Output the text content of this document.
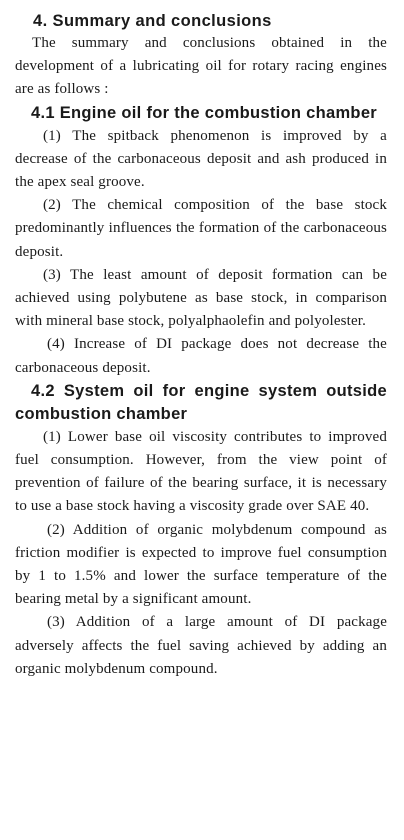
4. Summary and conclusions

The summary and conclusions obtained in the development of a lubricating oil for rotary racing engines are as follows :

4.1 Engine oil for the combustion chamber

(1) The spitback phenomenon is improved by a decrease of the carbonaceous deposit and ash produced in the apex seal groove.

(2) The chemical composition of the base stock predominantly influences the formation of the carbonaceous deposit.

(3) The least amount of deposit formation can be achieved using polybutene as base stock, in comparison with mineral base stock, polyalphaolefin and polyolester.

(4) Increase of DI package does not decrease the carbonaceous deposit.

4.2 System oil for engine system outside combustion chamber

(1) Lower base oil viscosity contributes to improved fuel consumption. However, from the view point of prevention of failure of the bearing surface, it is necessary to use a base stock having a viscosity grade over SAE 40.

(2) Addition of organic molybdenum compound as friction modifier is expected to improve fuel consumption by 1 to 1.5% and lower the surface temperature of the bearing metal by a significant amount.

(3) Addition of a large amount of DI package adversely affects the fuel saving achieved by adding an organic molybdenum compound.
